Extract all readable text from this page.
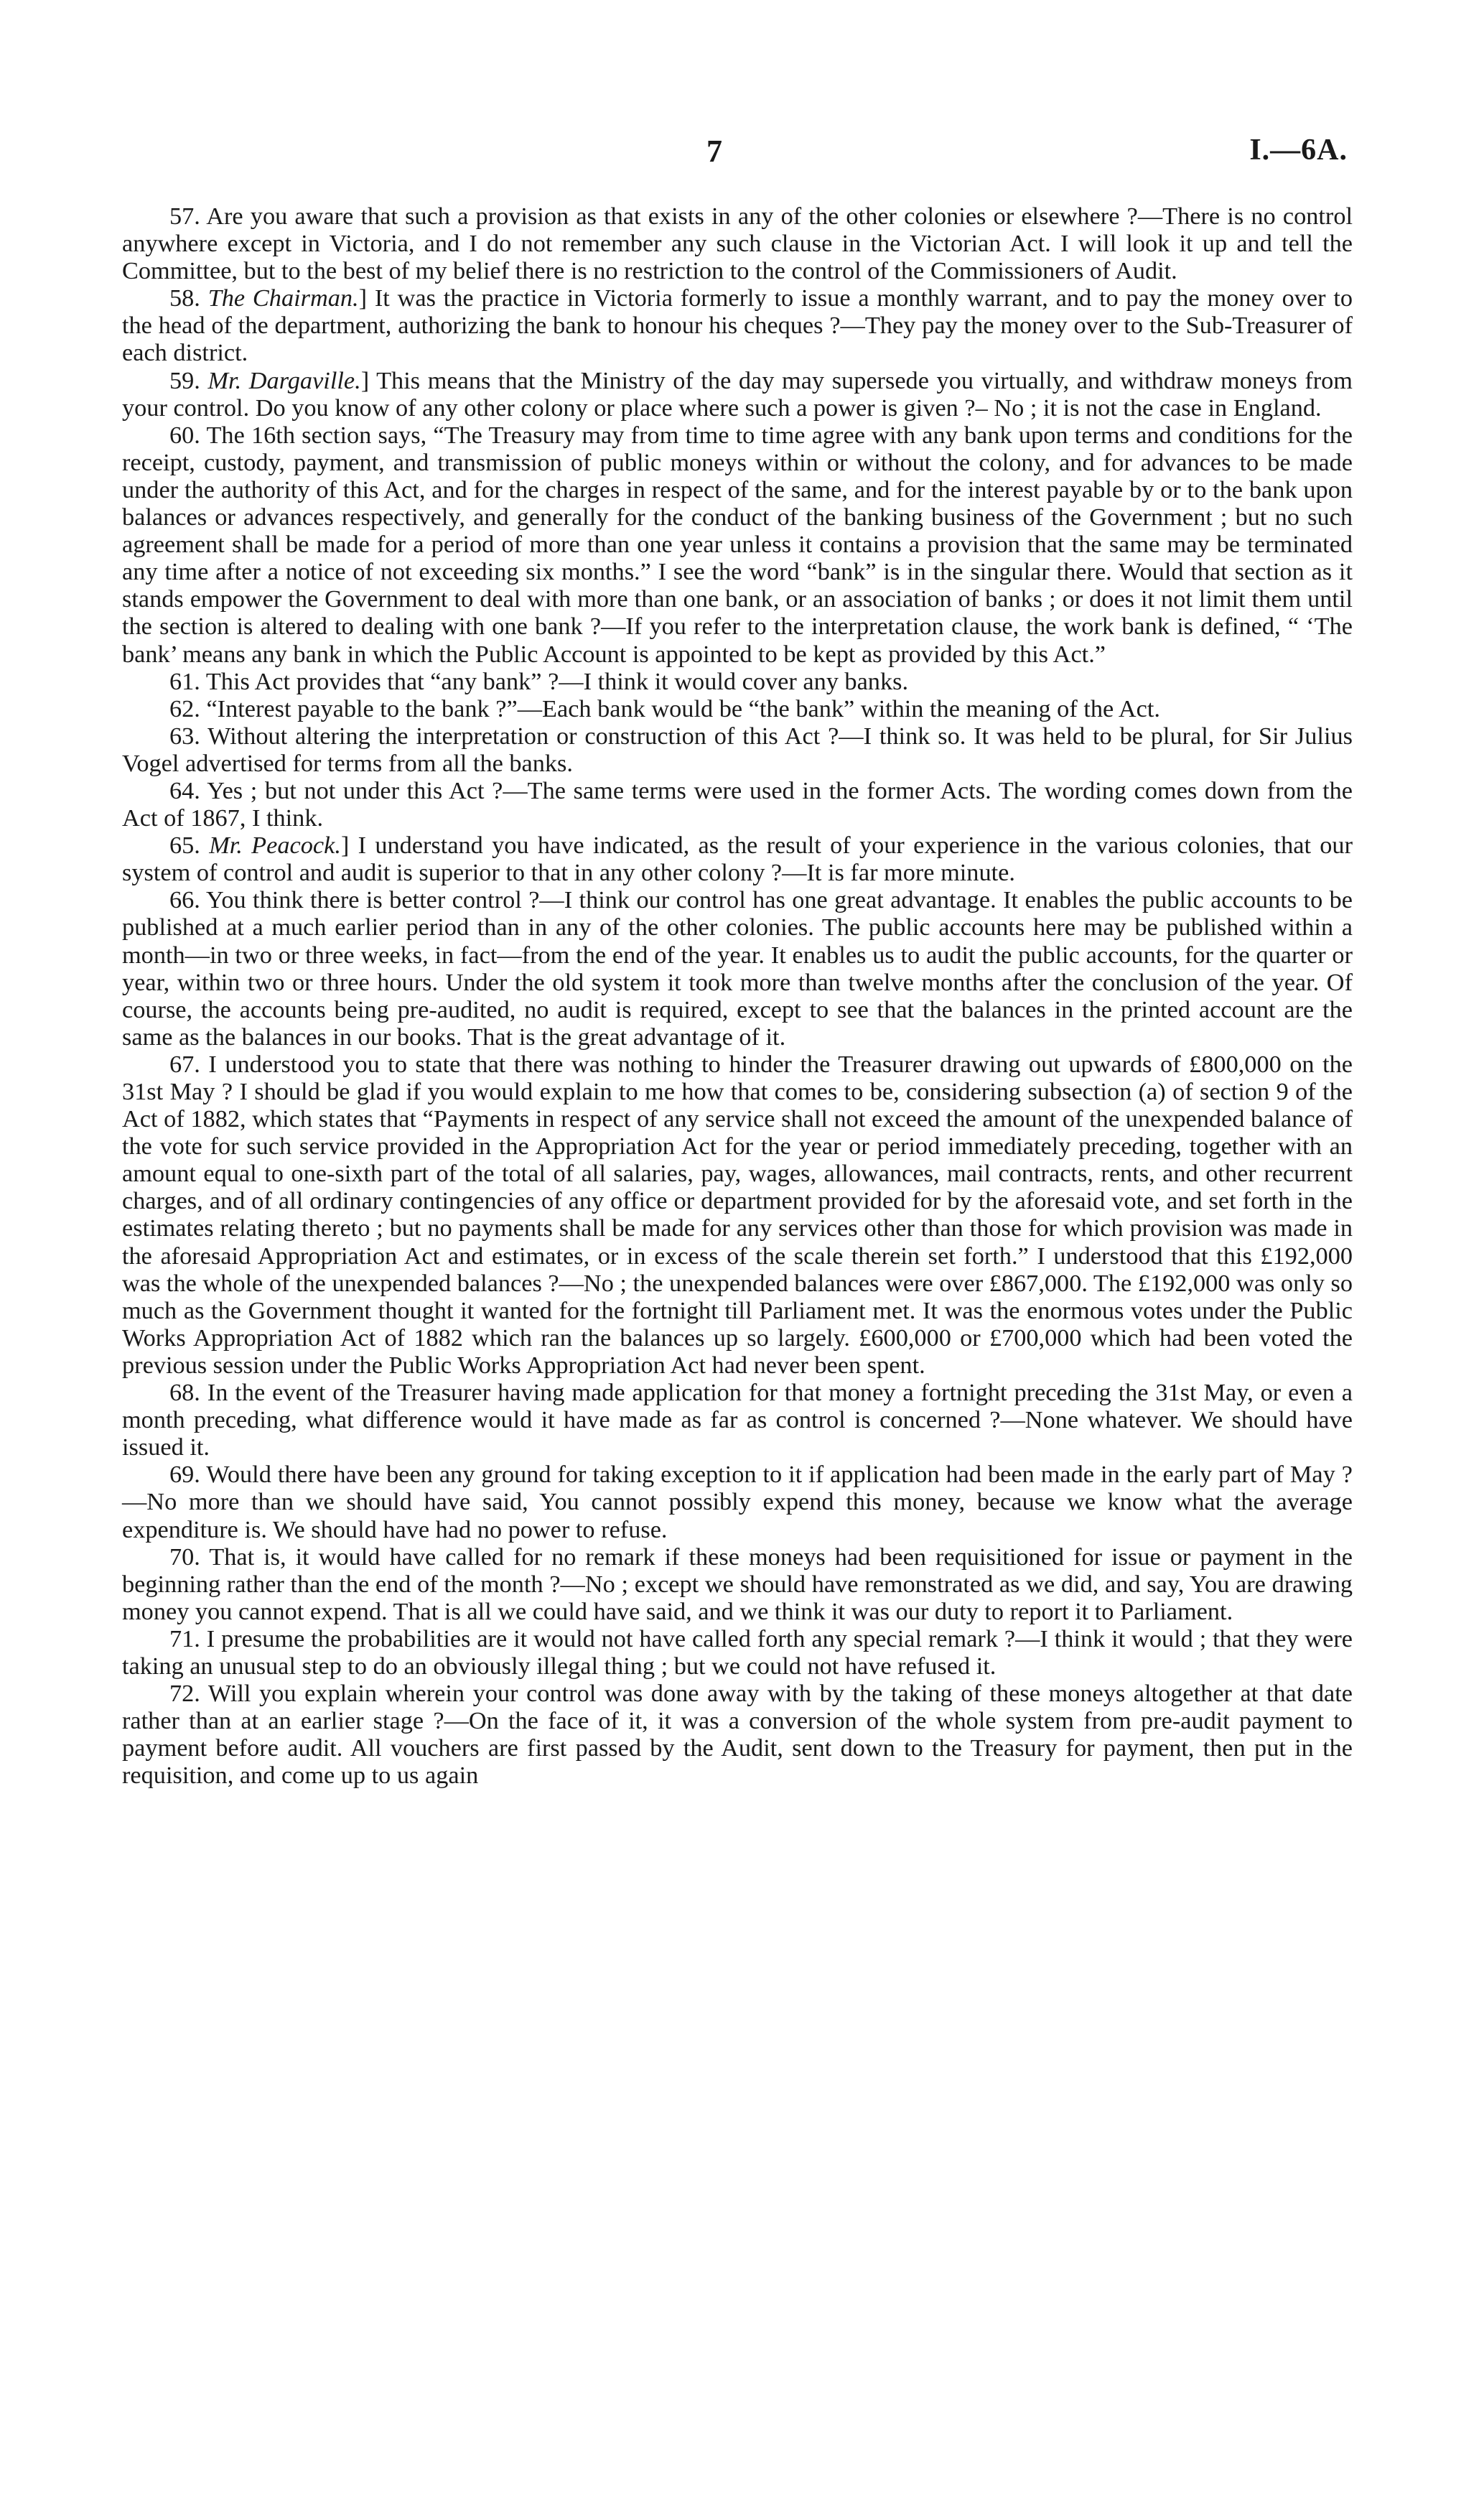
7	I.—6A.

57. Are you aware that such a provision as that exists in any of the other colonies or elsewhere ?—There is no control anywhere except in Victoria, and I do not remember any such clause in the Victorian Act. I will look it up and tell the Committee, but to the best of my belief there is no restriction to the control of the Commissioners of Audit.

58. The Chairman.] It was the practice in Victoria formerly to issue a monthly warrant, and to pay the money over to the head of the department, authorizing the bank to honour his cheques ?—They pay the money over to the Sub-Treasurer of each district.

59. Mr. Dargaville.] This means that the Ministry of the day may supersede you virtually, and withdraw moneys from your control. Do you know of any other colony or place where such a power is given ?– No ; it is not the case in England.

60. The 16th section says, “The Treasury may from time to time agree with any bank upon terms and conditions for the receipt, custody, payment, and transmission of public moneys within or without the colony, and for advances to be made under the authority of this Act, and for the charges in respect of the same, and for the interest payable by or to the bank upon balances or advances respectively, and generally for the conduct of the banking business of the Government ; but no such agreement shall be made for a period of more than one year unless it contains a provision that the same may be terminated any time after a notice of not exceeding six months.” I see the word “bank” is in the singular there. Would that section as it stands empower the Government to deal with more than one bank, or an association of banks ; or does it not limit them until the section is altered to dealing with one bank ?—If you refer to the interpretation clause, the work bank is defined, “ ‘The bank’ means any bank in which the Public Account is appointed to be kept as provided by this Act.”

61. This Act provides that “any bank” ?—I think it would cover any banks.

62. “Interest payable to the bank ?”—Each bank would be “the bank” within the meaning of the Act.

63. Without altering the interpretation or construction of this Act ?—I think so. It was held to be plural, for Sir Julius Vogel advertised for terms from all the banks.

64. Yes ; but not under this Act ?—The same terms were used in the former Acts. The wording comes down from the Act of 1867, I think.

65. Mr. Peacock.] I understand you have indicated, as the result of your experience in the various colonies, that our system of control and audit is superior to that in any other colony ?—It is far more minute.

66. You think there is better control ?—I think our control has one great advantage. It enables the public accounts to be published at a much earlier period than in any of the other colonies. The public accounts here may be published within a month—in two or three weeks, in fact—from the end of the year. It enables us to audit the public accounts, for the quarter or year, within two or three hours. Under the old system it took more than twelve months after the conclusion of the year. Of course, the accounts being pre-audited, no audit is required, except to see that the balances in the printed account are the same as the balances in our books. That is the great advantage of it.

67. I understood you to state that there was nothing to hinder the Treasurer drawing out upwards of £800,000 on the 31st May ? I should be glad if you would explain to me how that comes to be, considering subsection (a) of section 9 of the Act of 1882, which states that “Payments in respect of any service shall not exceed the amount of the unexpended balance of the vote for such service provided in the Appropriation Act for the year or period immediately preceding, together with an amount equal to one-sixth part of the total of all salaries, pay, wages, allowances, mail contracts, rents, and other recurrent charges, and of all ordinary contingencies of any office or department provided for by the aforesaid vote, and set forth in the estimates relating thereto ; but no payments shall be made for any services other than those for which provision was made in the aforesaid Appropriation Act and estimates, or in excess of the scale therein set forth.” I understood that this £192,000 was the whole of the unexpended balances ?—No ; the unexpended balances were over £867,000. The £192,000 was only so much as the Government thought it wanted for the fortnight till Parliament met. It was the enormous votes under the Public Works Appropriation Act of 1882 which ran the balances up so largely. £600,000 or £700,000 which had been voted the previous session under the Public Works Appropriation Act had never been spent.

68. In the event of the Treasurer having made application for that money a fortnight preceding the 31st May, or even a month preceding, what difference would it have made as far as control is concerned ?—None whatever. We should have issued it.

69. Would there have been any ground for taking exception to it if application had been made in the early part of May ?—No more than we should have said, You cannot possibly expend this money, because we know what the average expenditure is. We should have had no power to refuse.

70. That is, it would have called for no remark if these moneys had been requisitioned for issue or payment in the beginning rather than the end of the month ?—No ; except we should have remonstrated as we did, and say, You are drawing money you cannot expend. That is all we could have said, and we think it was our duty to report it to Parliament.

71. I presume the probabilities are it would not have called forth any special remark ?—I think it would ; that they were taking an unusual step to do an obviously illegal thing ; but we could not have refused it.

72. Will you explain wherein your control was done away with by the taking of these moneys altogether at that date rather than at an earlier stage ?—On the face of it, it was a conversion of the whole system from pre-audit payment to payment before audit. All vouchers are first passed by the Audit, sent down to the Treasury for payment, then put in the requisition, and come up to us again
